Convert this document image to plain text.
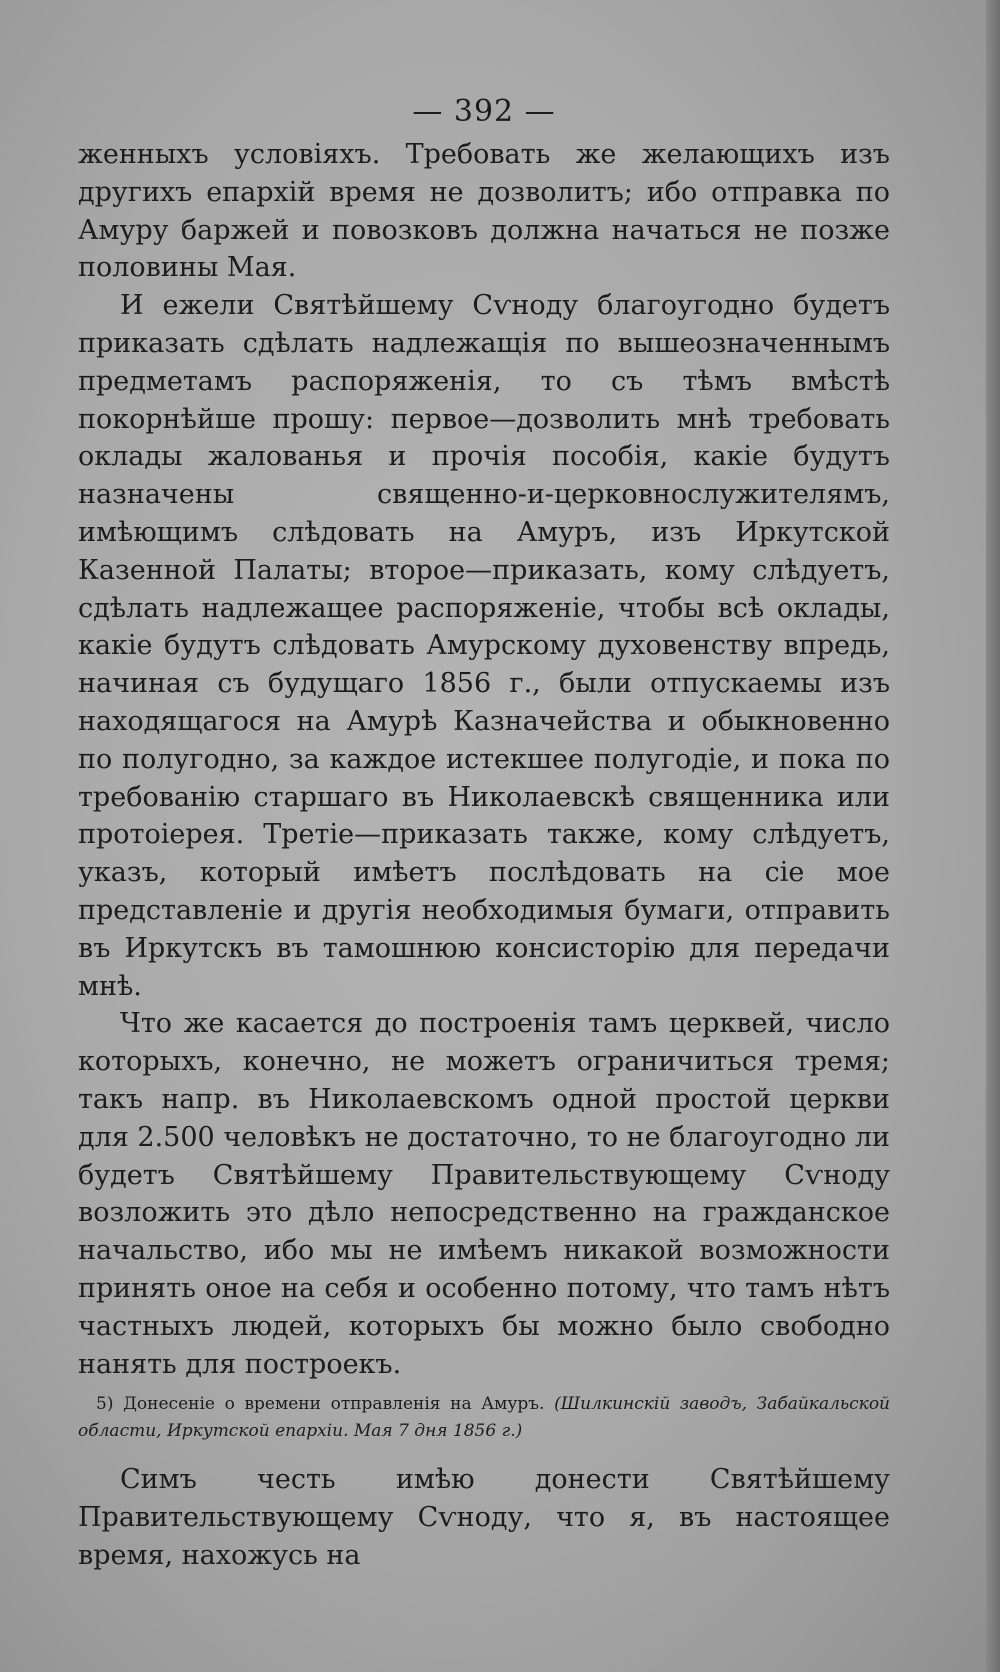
— 392 —

женныхъ условіяхъ. Требовать же желающихъ изъ другихъ епархій время не дозволитъ; ибо отправка по Амуру баржей и повозковъ должна начаться не позже половины Мая.

И ежели Святѣйшему Сѵноду благоугодно будетъ приказать сдѣлать надлежащія по вышеозначеннымъ предметамъ распоряженія, то съ тѣмъ вмѣстѣ покорнѣйше прошу: первое—дозволить мнѣ требовать оклады жалованья и прочія пособія, какіе будутъ назначены священно-и-церковнослужителямъ, имѣющимъ слѣдовать на Амуръ, изъ Иркутской Казенной Палаты; второе—приказать, кому слѣдуетъ, сдѣлать надлежащее распоряженіе, чтобы всѣ оклады, какіе будутъ слѣдовать Амурскому духовенству впредь, начиная съ будущаго 1856 г., были отпускаемы изъ находящагося на Амурѣ Казначейства и обыкновенно по полугодно, за каждое истекшее полугодіе, и пока по требованію старшаго въ Николаевскѣ священника или протоіерея. Третіе—приказать также, кому слѣдуетъ, указъ, который имѣетъ послѣдовать на сіе мое представленіе и другія необходимыя бумаги, отправить въ Иркутскъ въ тамошнюю консисторію для передачи мнѣ.

Что же касается до построенія тамъ церквей, число которыхъ, конечно, не можетъ ограничиться тремя; такъ напр. въ Николаевскомъ одной простой церкви для 2.500 человѣкъ не достаточно, то не благоугодно ли будетъ Святѣйшему Правительствующему Сѵноду возложить это дѣло непосредственно на гражданское начальство, ибо мы не имѣемъ никакой возможности принять оное на себя и особенно потому, что тамъ нѣтъ частныхъ людей, которыхъ бы можно было свободно нанять для построекъ.

5) Донесеніе о времени отправленія на Амуръ. (Шилкинскій заводъ, Забайкальской области, Иркутской епархіи. Мая 7 дня 1856 г.)

Симъ честь имѣю донести Святѣйшему Правительствующему Сѵноду, что я, въ настоящее время, нахожусь на
